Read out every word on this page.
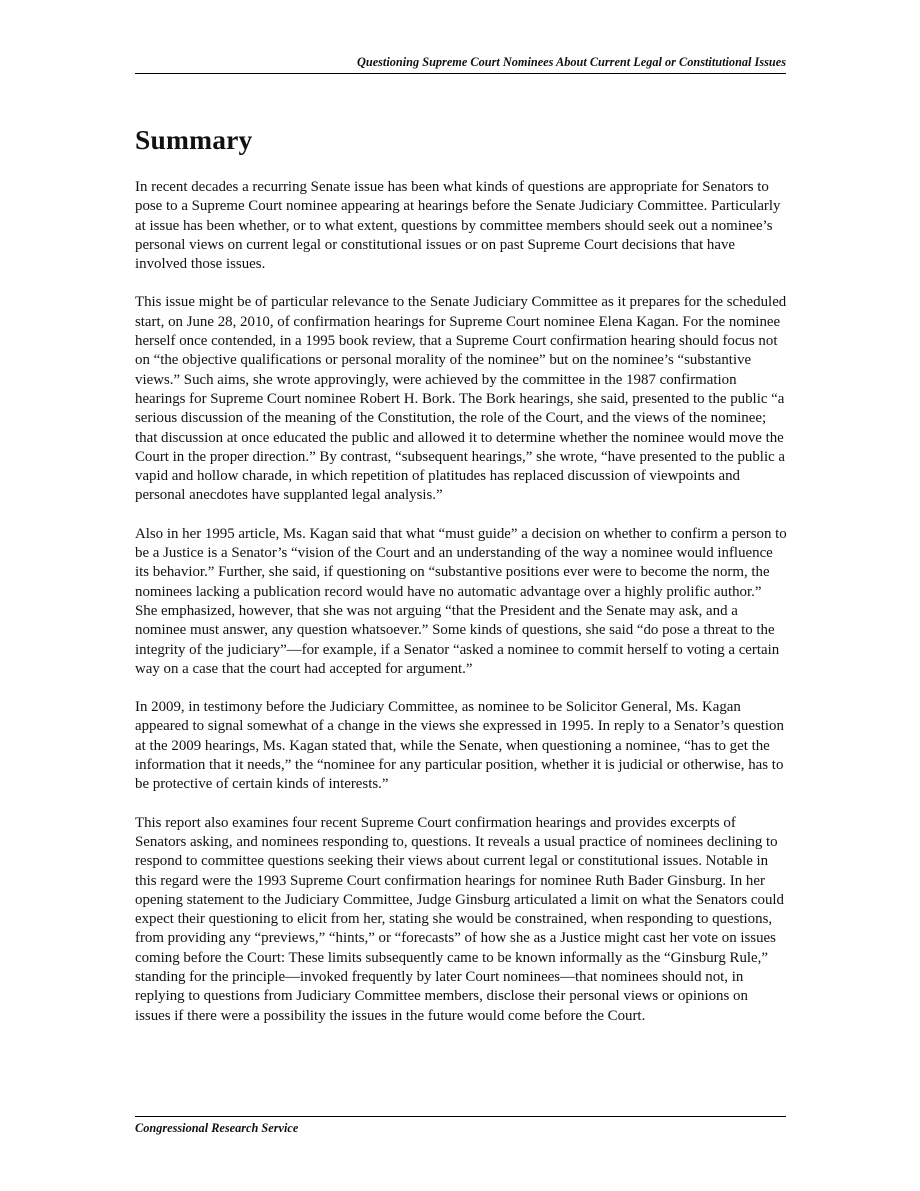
Questioning Supreme Court Nominees About Current Legal or Constitutional Issues
Summary

In recent decades a recurring Senate issue has been what kinds of questions are appropriate for Senators to pose to a Supreme Court nominee appearing at hearings before the Senate Judiciary Committee. Particularly at issue has been whether, or to what extent, questions by committee members should seek out a nominee’s personal views on current legal or constitutional issues or on past Supreme Court decisions that have involved those issues.

This issue might be of particular relevance to the Senate Judiciary Committee as it prepares for the scheduled start, on June 28, 2010, of confirmation hearings for Supreme Court nominee Elena Kagan. For the nominee herself once contended, in a 1995 book review, that a Supreme Court confirmation hearing should focus not on “the objective qualifications or personal morality of the nominee” but on the nominee’s “substantive views.” Such aims, she wrote approvingly, were achieved by the committee in the 1987 confirmation hearings for Supreme Court nominee Robert H. Bork. The Bork hearings, she said, presented to the public “a serious discussion of the meaning of the Constitution, the role of the Court, and the views of the nominee; that discussion at once educated the public and allowed it to determine whether the nominee would move the Court in the proper direction.” By contrast, “subsequent hearings,” she wrote, “have presented to the public a vapid and hollow charade, in which repetition of platitudes has replaced discussion of viewpoints and personal anecdotes have supplanted legal analysis.”

Also in her 1995 article, Ms. Kagan said that what “must guide” a decision on whether to confirm a person to be a Justice is a Senator’s “vision of the Court and an understanding of the way a nominee would influence its behavior.” Further, she said, if questioning on “substantive positions ever were to become the norm, the nominees lacking a publication record would have no automatic advantage over a highly prolific author.” She emphasized, however, that she was not arguing “that the President and the Senate may ask, and a nominee must answer, any question whatsoever.” Some kinds of questions, she said “do pose a threat to the integrity of the judiciary”—for example, if a Senator “asked a nominee to commit herself to voting a certain way on a case that the court had accepted for argument.”

In 2009, in testimony before the Judiciary Committee, as nominee to be Solicitor General, Ms. Kagan appeared to signal somewhat of a change in the views she expressed in 1995. In reply to a Senator’s question at the 2009 hearings, Ms. Kagan stated that, while the Senate, when questioning a nominee, “has to get the information that it needs,” the “nominee for any particular position, whether it is judicial or otherwise, has to be protective of certain kinds of interests.”

This report also examines four recent Supreme Court confirmation hearings and provides excerpts of Senators asking, and nominees responding to, questions. It reveals a usual practice of nominees declining to respond to committee questions seeking their views about current legal or constitutional issues. Notable in this regard were the 1993 Supreme Court confirmation hearings for nominee Ruth Bader Ginsburg. In her opening statement to the Judiciary Committee, Judge Ginsburg articulated a limit on what the Senators could expect their questioning to elicit from her, stating she would be constrained, when responding to questions, from providing any “previews,” “hints,” or “forecasts” of how she as a Justice might cast her vote on issues coming before the Court: These limits subsequently came to be known informally as the “Ginsburg Rule,” standing for the principle—invoked frequently by later Court nominees—that nominees should not, in replying to questions from Judiciary Committee members, disclose their personal views or opinions on issues if there were a possibility the issues in the future would come before the Court.

Congressional Research Service
